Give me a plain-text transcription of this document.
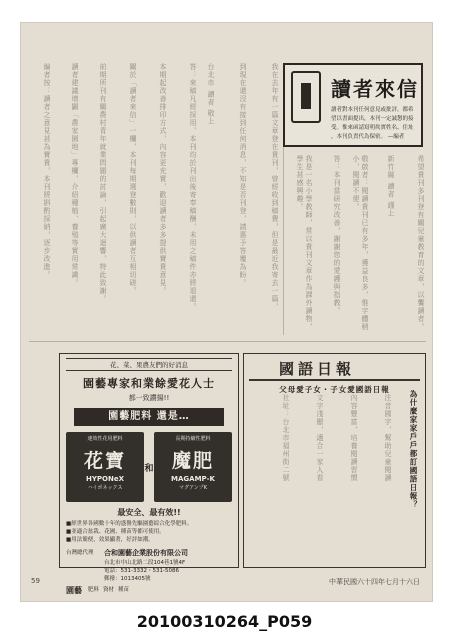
我在去年有一篇文章登在貴刊，曾經收到稿費，但是最近我寄去一篇，
到現在還沒有接到任何消息，不知是否刊登，請惠予答覆為盼。
台北市 讀者 敬上
答：來稿凡經採用，本刊均於刊出後寄奉稿酬，未用之稿件亦將退還。
本期起改善排印方式，內容更充實，歡迎讀者多多提供寶貴意見。
關於「讀者來信」一欄，本刊每期選登數則，以供讀者互相切磋。
前期所刊有關農村青年就業問題的討論，引起廣大迴響，特此致謝。
讀者建議增闢「農家園地」專欄，介紹種植、養殖等實用常識。
編者按：讀者之意見甚為寶貴，本刊將斟酌採納，逐步改進。	新竹縣 讀者 謹上
敬啟者：閱讀貴刊已有多年，獲益良多，惟字體稍小，閱讀不便。
答：本刊當研究改善，謝謝您的愛護與指教。
我是一名小學教師，常以貴刊文章作為課外讀物，學生甚感興趣。	希望貴刊多刊登有關兒童教育的文章，以饗讀者。
讀者來信
讀者對本刊任何意見或批評，都希
望以書面提出，本刊一定誠懇的接
受。惟來函請寫明眞實姓名、住址
，本刊負責代為保密。 —編者
花、菜、果農友們的好消息
園藝專家和業餘愛花人士
都一致讚揚!!
園藝肥料 還是…
速效性花用肥料
花寶
HYPONeX
ハイポネックス
和
長期持續性肥料
魔肥
MAGAMP-K
マグアンプK
最安全、最有效!!
■經世界各國數十年的盛譽先驅園藝綜合化學肥料。
■並適合盆栽、花圃、種苗等都可使用。
■用法簡便，效果顯著，好評如潮。
台灣總代理	合和園藝企業股份有限公司
台北市中山北路二段104巷1號4F
電話：531-3332・531-5086
郵撥：1013405號
園藝 肥料 資材 種苗
國語日報
父母愛子女・子女愛國語日報
為什麼家家戶戶都訂國語日報？
注音國字，幫助兒童閱讀
內容豐富，培養閱讀習慣
文字淺顯，適合一家人看
社址：台北市福州街二號
59	中華民國六十四年七月十六日
20100310264_P059
